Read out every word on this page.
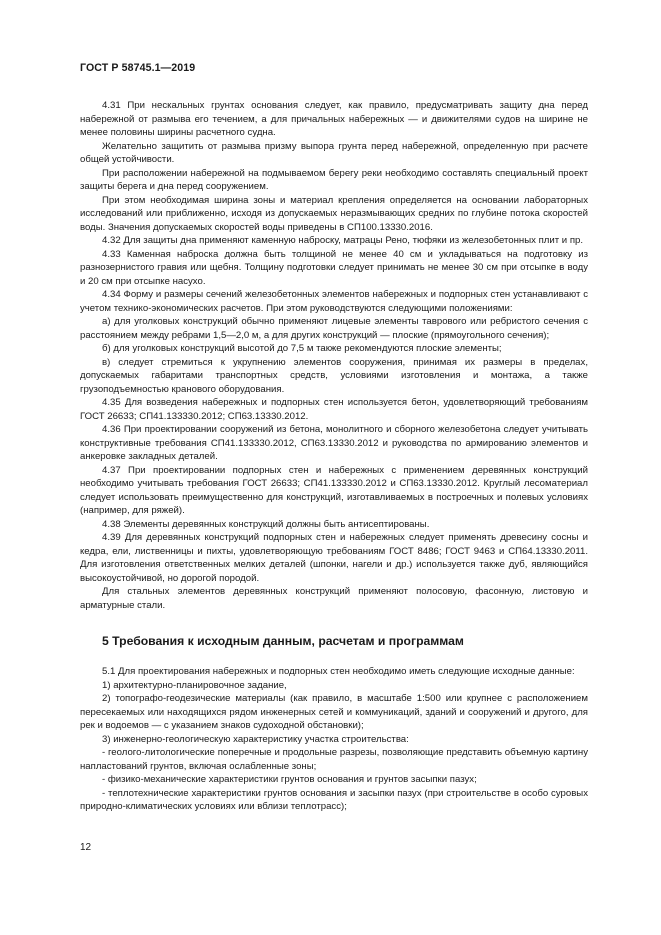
ГОСТ Р 58745.1—2019

4.31 При нескальных грунтах основания следует, как правило, предусматривать защиту дна перед набережной от размыва его течением, а для причальных набережных — и движителями судов на ширине не менее половины ширины расчетного судна.

Желательно защитить от размыва призму выпора грунта перед набережной, определенную при расчете общей устойчивости.

При расположении набережной на подмываемом берегу реки необходимо составлять специальный проект защиты берега и дна перед сооружением.

При этом необходимая ширина зоны и материал крепления определяется на основании лабораторных исследований или приближенно, исходя из допускаемых неразмывающих средних по глубине потока скоростей воды. Значения допускаемых скоростей воды приведены в СП100.13330.2016.

4.32 Для защиты дна применяют каменную наброску, матрацы Рено, тюфяки из железобетонных плит и пр.

4.33 Каменная наброска должна быть толщиной не менее 40 см и укладываться на подготовку из разнозернистого гравия или щебня. Толщину подготовки следует принимать не менее 30 см при отсыпке в воду и 20 см при отсыпке насухо.

4.34 Форму и размеры сечений железобетонных элементов набережных и подпорных стен устанавливают с учетом технико-экономических расчетов. При этом руководствуются следующими положениями:

а) для уголковых конструкций обычно применяют лицевые элементы таврового или ребристого сечения с расстоянием между ребрами 1,5—2,0 м, а для других конструкций — плоские (прямоугольного сечения);

б) для уголковых конструкций высотой до 7,5 м также рекомендуются плоские элементы;

в) следует стремиться к укрупнению элементов сооружения, принимая их размеры в пределах, допускаемых габаритами транспортных средств, условиями изготовления и монтажа, а также грузоподъемностью кранового оборудования.

4.35 Для возведения набережных и подпорных стен используется бетон, удовлетворяющий требованиям ГОСТ 26633; СП41.133330.2012; СП63.13330.2012.

4.36 При проектировании сооружений из бетона, монолитного и сборного железобетона следует учитывать конструктивные требования СП41.133330.2012, СП63.13330.2012 и руководства по армированию элементов и анкеровке закладных деталей.

4.37 При проектировании подпорных стен и набережных с применением деревянных конструкций необходимо учитывать требования ГОСТ 26633; СП41.133330.2012 и СП63.13330.2012. Круглый лесоматериал следует использовать преимущественно для конструкций, изготавливаемых в построечных и полевых условиях (например, для ряжей).

4.38 Элементы деревянных конструкций должны быть антисептированы.

4.39 Для деревянных конструкций подпорных стен и набережных следует применять древесину сосны и кедра, ели, лиственницы и пихты, удовлетворяющую требованиям ГОСТ 8486; ГОСТ 9463 и СП64.13330.2011. Для изготовления ответственных мелких деталей (шпонки, нагели и др.) используется также дуб, являющийся высокоустойчивой, но дорогой породой.

Для стальных элементов деревянных конструкций применяют полосовую, фасонную, листовую и арматурные стали.

5 Требования к исходным данным, расчетам и программам

5.1 Для проектирования набережных и подпорных стен необходимо иметь следующие исходные данные:

1) архитектурно-планировочное задание,

2) топографо-геодезические материалы (как правило, в масштабе 1:500 или крупнее с расположением пересекаемых или находящихся рядом инженерных сетей и коммуникаций, зданий и сооружений и другого, для рек и водоемов — с указанием знаков судоходной обстановки);

3) инженерно-геологическую характеристику участка строительства:

- геолого-литологические поперечные и продольные разрезы, позволяющие представить объемную картину напластований грунтов, включая ослабленные зоны;

- физико-механические характеристики грунтов основания и грунтов засыпки пазух;

- теплотехнические характеристики грунтов основания и засыпки пазух (при строительстве в особо суровых природно-климатических условиях или вблизи теплотрасс);

12
